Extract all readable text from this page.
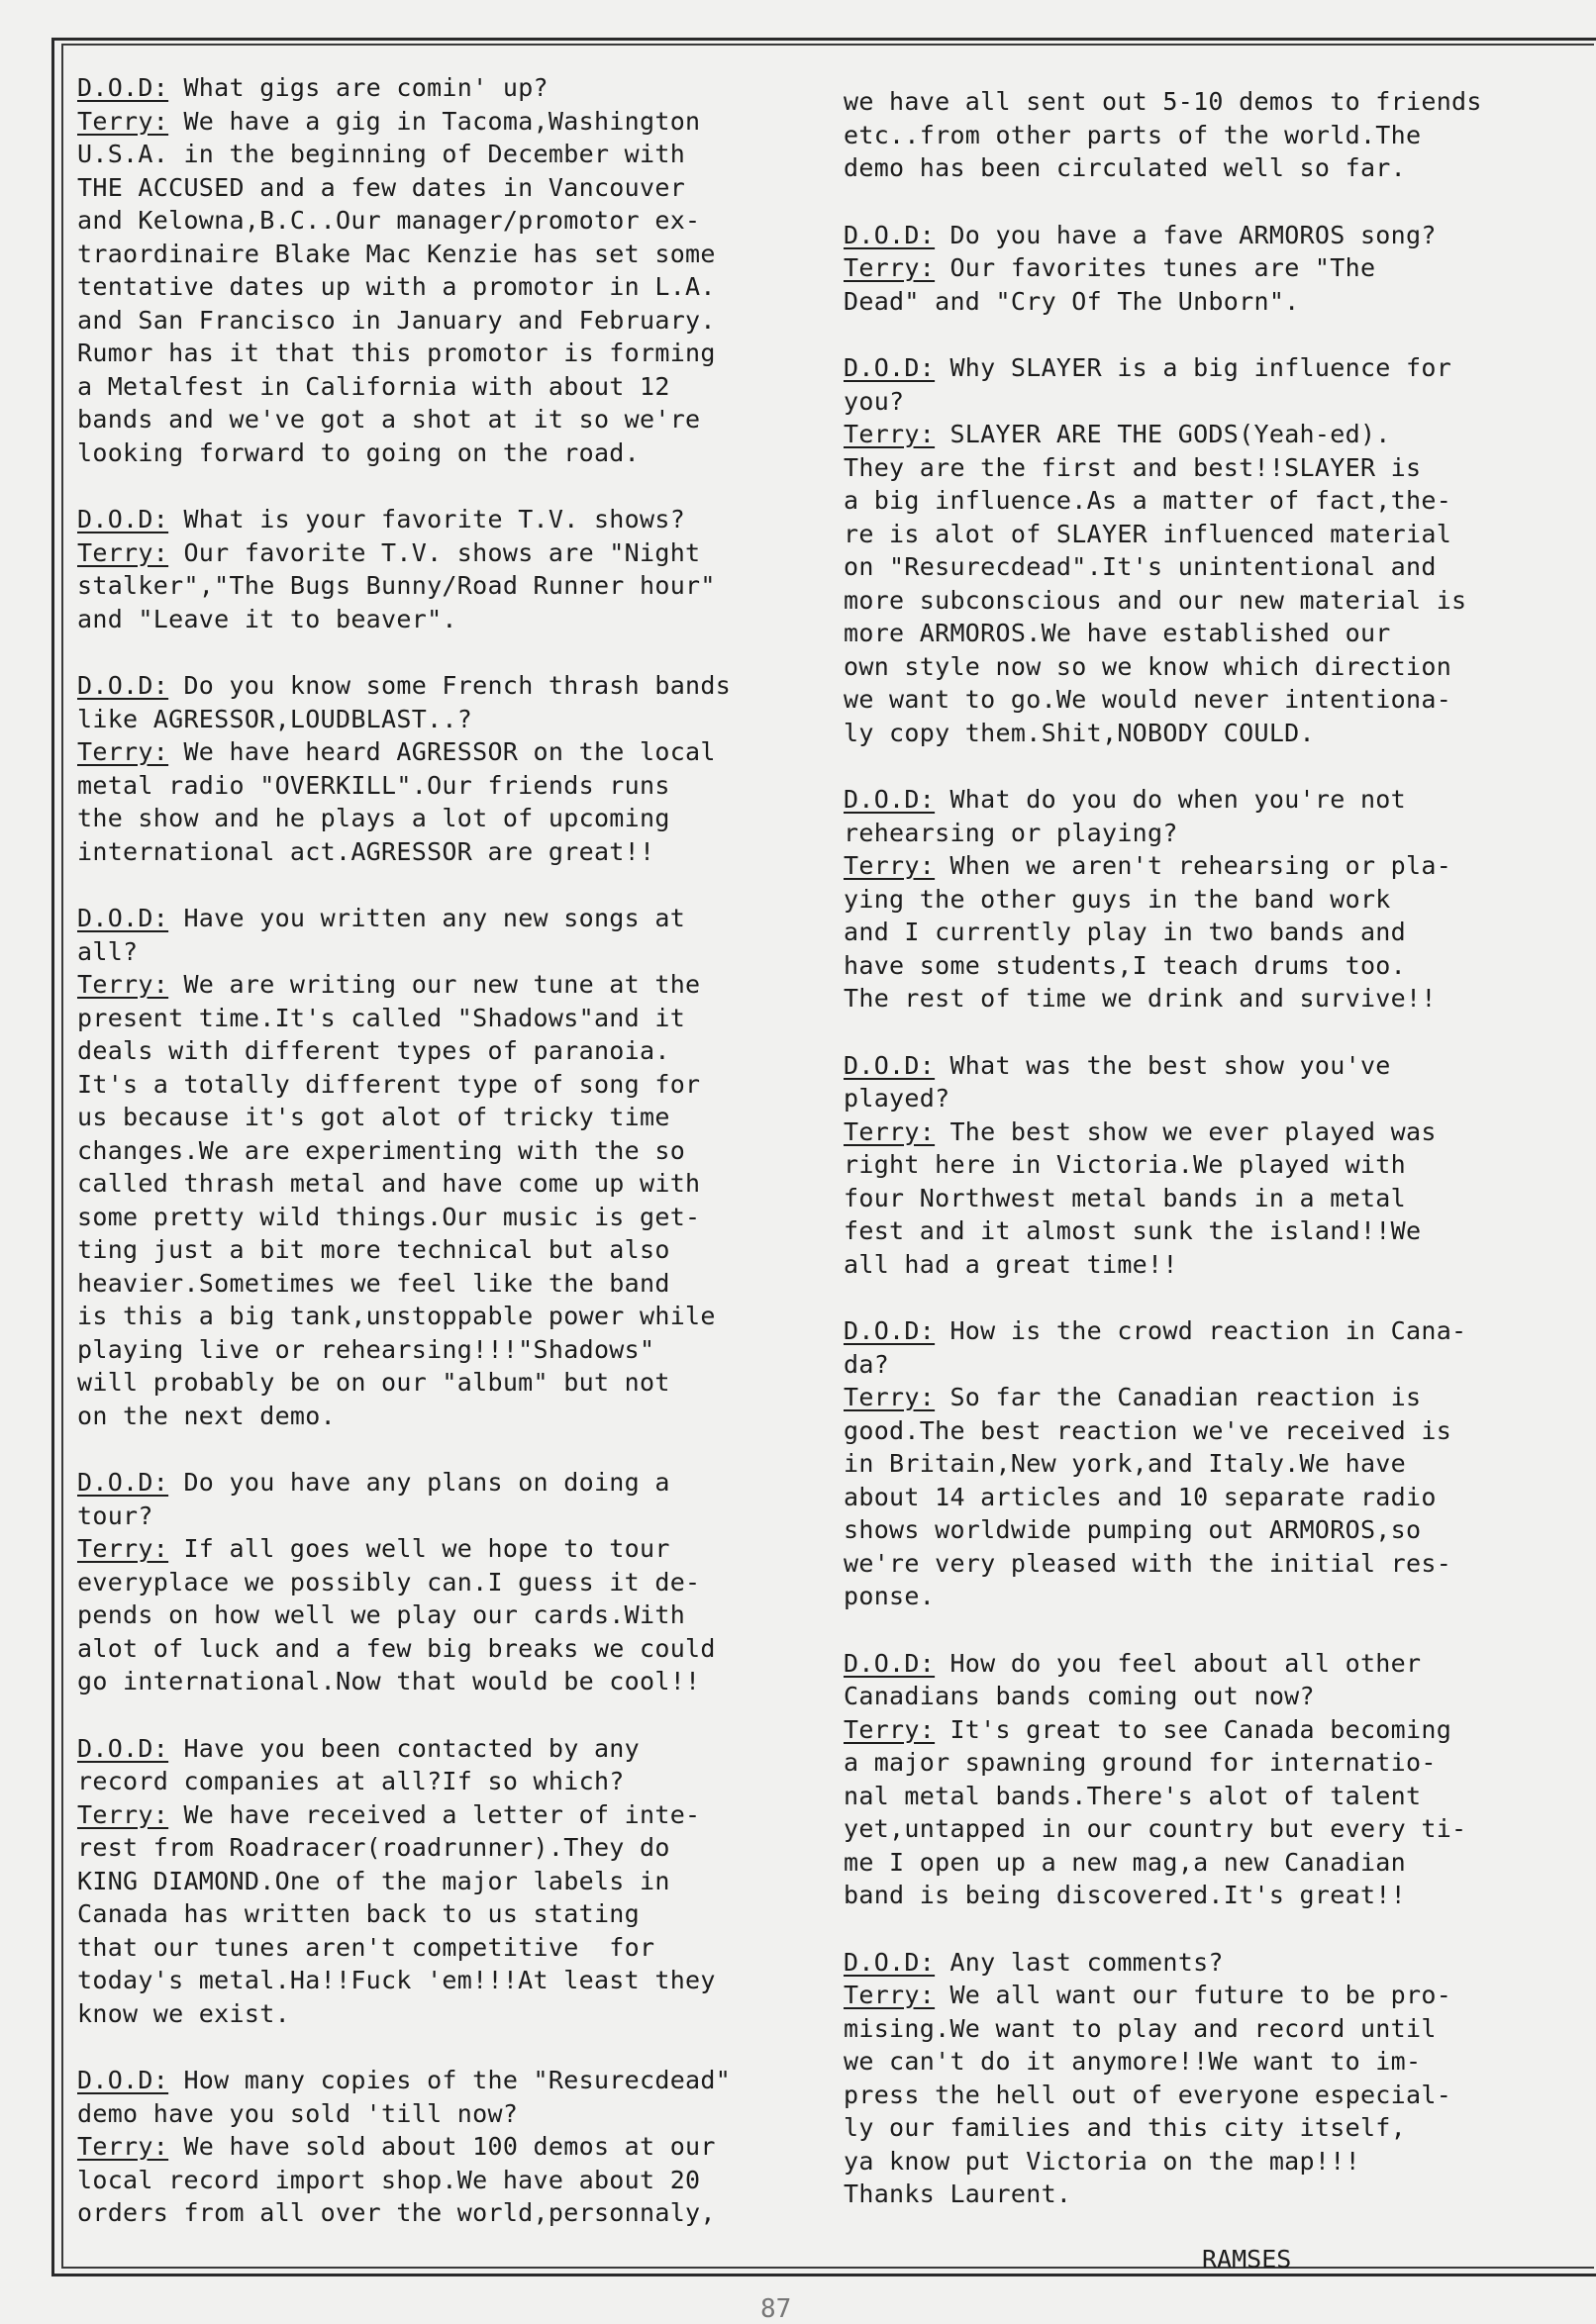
D.O.D: What gigs are comin' up?
Terry: We have a gig in Tacoma,Washington
U.S.A. in the beginning of December with
THE ACCUSED and a few dates in Vancouver
and Kelowna,B.C..Our manager/promotor ex-
traordinaire Blake Mac Kenzie has set some
tentative dates up with a promotor in L.A.
and San Francisco in January and February.
Rumor has it that this promotor is forming
a Metalfest in California with about 12
bands and we've got a shot at it so we're
looking forward to going on the road.
D.O.D: What is your favorite T.V. shows?
Terry: Our favorite T.V. shows are "Night
stalker","The Bugs Bunny/Road Runner hour"
and "Leave it to beaver".
D.O.D: Do you know some French thrash bands
like AGRESSOR,LOUDBLAST..?
Terry: We have heard AGRESSOR on the local
metal radio "OVERKILL".Our friends runs
the show and he plays a lot of upcoming
international act.AGRESSOR are great!!
D.O.D: Have you written any new songs at
all?
Terry: We are writing our new tune at the
present time.It's called "Shadows"and it
deals with different types of paranoia.
It's a totally different type of song for
us because it's got alot of tricky time
changes.We are experimenting with the so
called thrash metal and have come up with
some pretty wild things.Our music is get-
ting just a bit more technical but also
heavier.Sometimes we feel like the band
is this a big tank,unstoppable power while
playing live or rehearsing!!!"Shadows"
will probably be on our "album" but not
on the next demo.
D.O.D: Do you have any plans on doing a
tour?
Terry: If all goes well we hope to tour
everyplace we possibly can.I guess it de-
pends on how well we play our cards.With
alot of luck and a few big breaks we could
go international.Now that would be cool!!
D.O.D: Have you been contacted by any
record companies at all?If so which?
Terry: We have received a letter of inte-
rest from Roadracer(roadrunner).They do
KING DIAMOND.One of the major labels in
Canada has written back to us stating
that our tunes aren't competitive  for
today's metal.Ha!!Fuck 'em!!!At least they
know we exist.
D.O.D: How many copies of the "Resurecdead"
demo have you sold 'till now?
Terry: We have sold about 100 demos at our
local record import shop.We have about 20
orders from all over the world,personnaly,
we have all sent out 5-10 demos to friends
etc..from other parts of the world.The
demo has been circulated well so far.
D.O.D: Do you have a fave ARMOROS song?
Terry: Our favorites tunes are "The
Dead" and "Cry Of The Unborn".
D.O.D: Why SLAYER is a big influence for
you?
Terry: SLAYER ARE THE GODS(Yeah-ed).
They are the first and best!!SLAYER is
a big influence.As a matter of fact,the-
re is alot of SLAYER influenced material
on "Resurecdead".It's unintentional and
more subconscious and our new material is
more ARMOROS.We have established our
own style now so we know which direction
we want to go.We would never intentiona-
ly copy them.Shit,NOBODY COULD.
D.O.D: What do you do when you're not
rehearsing or playing?
Terry: When we aren't rehearsing or pla-
ying the other guys in the band work
and I currently play in two bands and
have some students,I teach drums too.
The rest of time we drink and survive!!
D.O.D: What was the best show you've
played?
Terry: The best show we ever played was
right here in Victoria.We played with
four Northwest metal bands in a metal
fest and it almost sunk the island!!We
all had a great time!!
D.O.D: How is the crowd reaction in Cana-
da?
Terry: So far the Canadian reaction is
good.The best reaction we've received is
in Britain,New york,and Italy.We have
about 14 articles and 10 separate radio
shows worldwide pumping out ARMOROS,so
we're very pleased with the initial res-
ponse.
D.O.D: How do you feel about all other
Canadians bands coming out now?
Terry: It's great to see Canada becoming
a major spawning ground for internatio-
nal metal bands.There's alot of talent
yet,untapped in our country but every ti-
me I open up a new mag,a new Canadian
band is being discovered.It's great!!
D.O.D: Any last comments?
Terry: We all want our future to be pro-
mising.We want to play and record until
we can't do it anymore!!We want to im-
press the hell out of everyone especial-
ly our families and this city itself,
ya know put Victoria on the map!!!
Thanks Laurent.
RAMSES
87
